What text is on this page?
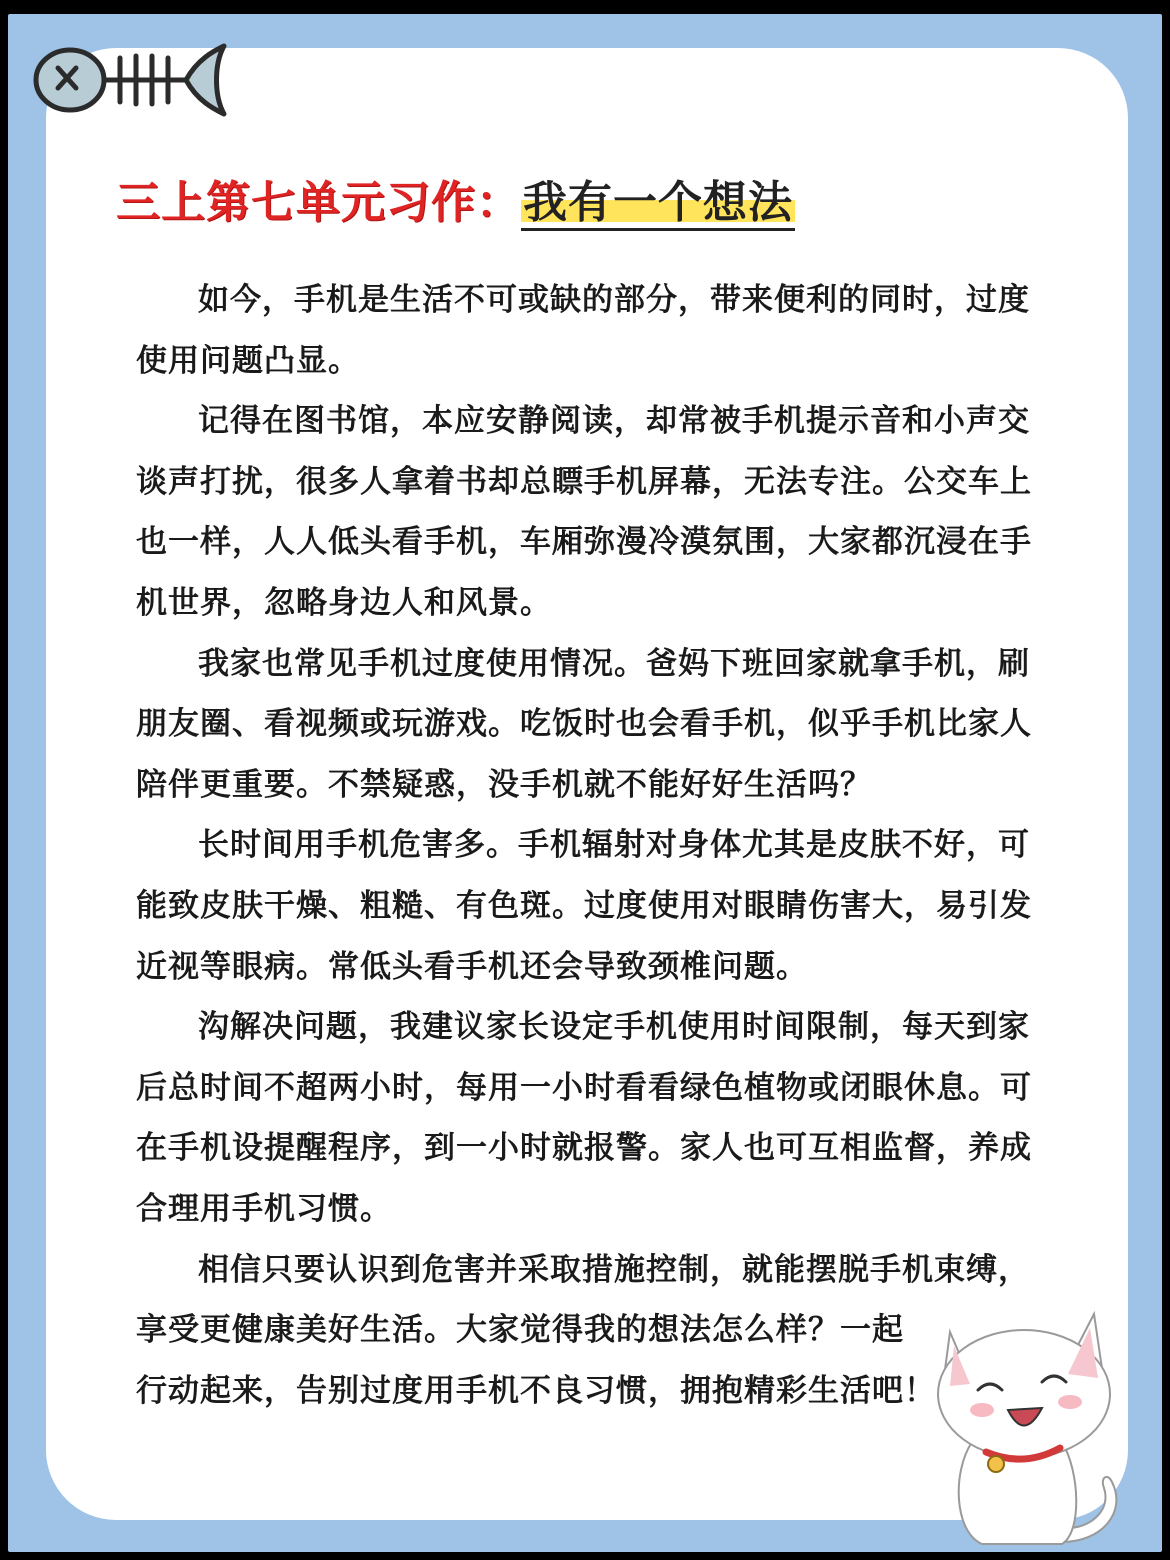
三上第七单元习作：我有一个想法

如今，手机是生活不可或缺的部分，带来便利的同时，过度使用问题凸显。

记得在图书馆，本应安静阅读，却常被手机提示音和小声交谈声打扰，很多人拿着书却总瞟手机屏幕，无法专注。公交车上也一样，人人低头看手机，车厢弥漫冷漠氛围，大家都沉浸在手机世界，忽略身边人和风景。

我家也常见手机过度使用情况。爸妈下班回家就拿手机，刷朋友圈、看视频或玩游戏。吃饭时也会看手机，似乎手机比家人陪伴更重要。不禁疑惑，没手机就不能好好生活吗？

长时间用手机危害多。手机辐射对身体尤其是皮肤不好，可能致皮肤干燥、粗糙、有色斑。过度使用对眼睛伤害大，易引发近视等眼病。常低头看手机还会导致颈椎问题。

沟解决问题，我建议家长设定手机使用时间限制，每天到家后总时间不超两小时，每用一小时看看绿色植物或闭眼休息。可在手机设提醒程序，到一小时就报警。家人也可互相监督，养成合理用手机习惯。

相信只要认识到危害并采取措施控制，就能摆脱手机束缚，
享受更健康美好生活。大家觉得我的想法怎么样？一起
行动起来，告别过度用手机不良习惯，拥抱精彩生活吧！
